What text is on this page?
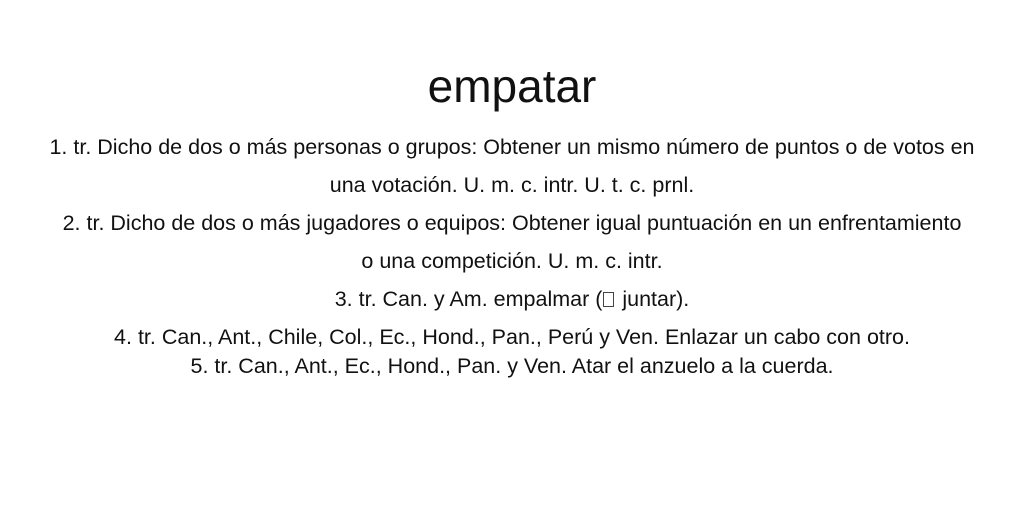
empatar
1. tr. Dicho de dos o más personas o grupos: Obtener un mismo número de puntos o de votos en una votación. U. m. c. intr. U. t. c. prnl.
2. tr. Dicho de dos o más jugadores o equipos: Obtener igual puntuación en un enfrentamiento o una competición. U. m. c. intr.
3. tr. Can. y Am. empalmar ( juntar).
4. tr. Can., Ant., Chile, Col., Ec., Hond., Pan., Perú y Ven. Enlazar un cabo con otro.
5. tr. Can., Ant., Ec., Hond., Pan. y Ven. Atar el anzuelo a la cuerda.
